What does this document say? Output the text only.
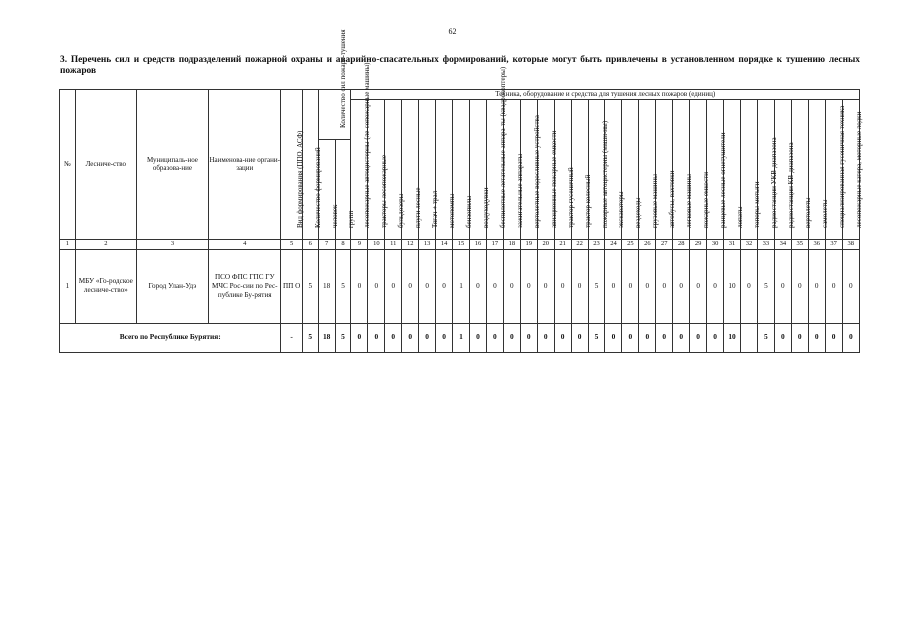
62
3. Перечень сил и средств подразделений пожарной охраны и аварийно-спасательных формирований, которые могут быть привлечены в установленном порядке к тушению лесных пожаров
№	Лесниче-ство	Муниципаль-ное образова-ние	Наименова-ние органи-зации	Вид формирования (ППО, АСФ)	Количество формирований	Количество сил пожаро-тушения		Техника, оборудование и средства для тушения лесных пожаров (единиц)																													

								лесопожарные автоцистерны (ле-сопожарные машины)	тракторы лесопожарные	бульдозеры	плуги лесные	Тягач + трал	мотопомпы	бензопилы	воздуходувки	беспилотные летательные аппара-ты (квадрокоптеры)	зажигательные аппараты	вертолетные водосливные устройства	авиационные пожарные емкости	трактор гусеничный	трактор колесный	пожарные автоцистерны (маши-ны)	экскаваторы	вездеходы	грузовые машины	автобусы, вахтовки	легковые машины	пожарные емкости	ранцевые лесные огнетушители	лопаты	топоры-мотыги	радиостанции УКВ-диапазона	радиостанции КВ-диапазона	вертолеты	самолеты	специализированная гусеничная техника	лесопожарные катера, моторные лодки

						человек	групп																														

1	2	3	4	5	6	7	8	9	10	11	12	13	14	15	16	17	18	19	20	21	22	23	24	25	26	27	28	29	30	31	32	33	34	35	36	37	38
1	МБУ «Го-родское лесниче-ство»	Город Улан-Удэ	ПСО ФПС ГПС ГУ МЧС Рос-сии по Рес-публике Бу-рятия	ПП О	5	18	5	0	0	0	0	0	0	1	0	0	0	0	0	0	0	5	0	0	0	0	0	0	0	10	0	5	0	0	0	0	0
Всего по Республике Бурятия:				-	5	18	5	0	0	0	0	0	0	1	0	0	0	0	0	0	0	5	0	0	0	0	0	0	0	10		5	0	0	0	0	0
